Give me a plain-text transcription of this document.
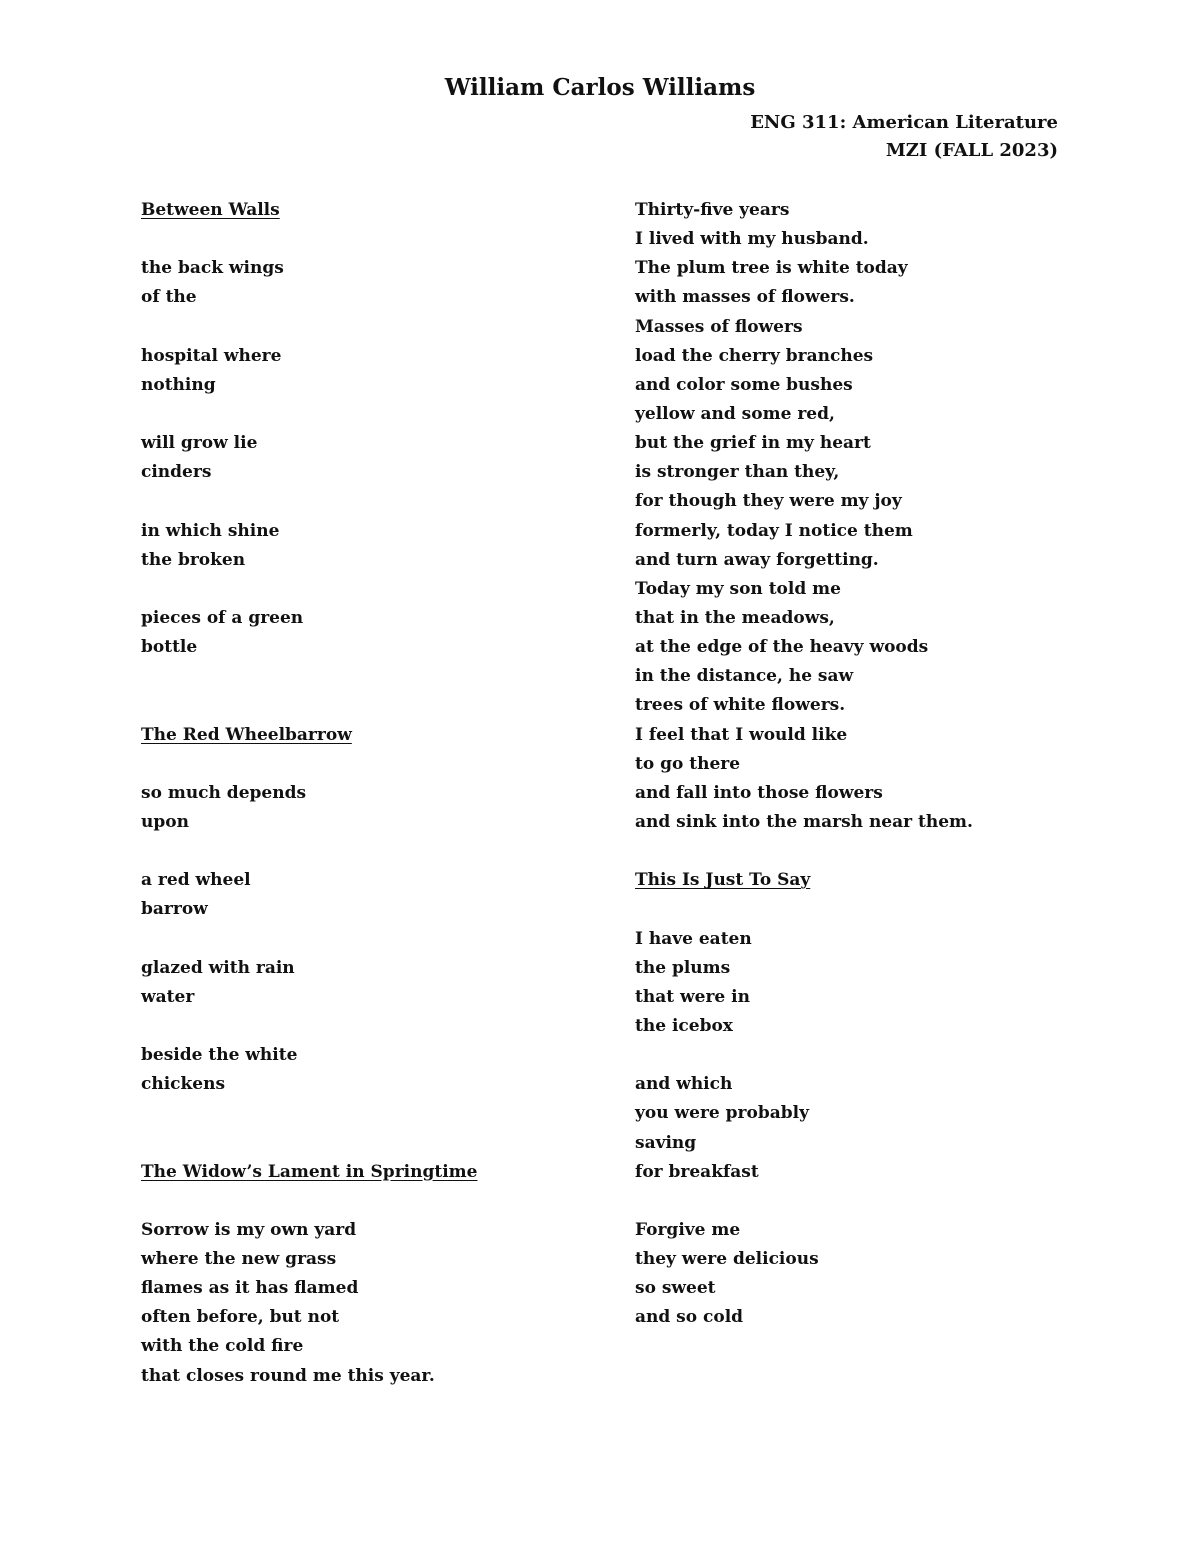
William Carlos Williams
ENG 311: American Literature
MZI (FALL 2023)
Between Walls
the back wings
of the
hospital where
nothing
will grow lie
cinders
in which shine
the broken
pieces of a green
bottle
The Red Wheelbarrow
so much depends
upon
a red wheel
barrow
glazed with rain
water
beside the white
chickens
The Widow’s Lament in Springtime
Sorrow is my own yard
where the new grass
flames as it has flamed
often before, but not
with the cold fire
that closes round me this year.
Thirty-five years
I lived with my husband.
The plum tree is white today
with masses of flowers.
Masses of flowers
load the cherry branches
and color some bushes
yellow and some red,
but the grief in my heart
is stronger than they,
for though they were my joy
formerly, today I notice them
and turn away forgetting.
Today my son told me
that in the meadows,
at the edge of the heavy woods
in the distance, he saw
trees of white flowers.
I feel that I would like
to go there
and fall into those flowers
and sink into the marsh near them.
This Is Just To Say
I have eaten
the plums
that were in
the icebox
and which
you were probably
saving
for breakfast
Forgive me
they were delicious
so sweet
and so cold
